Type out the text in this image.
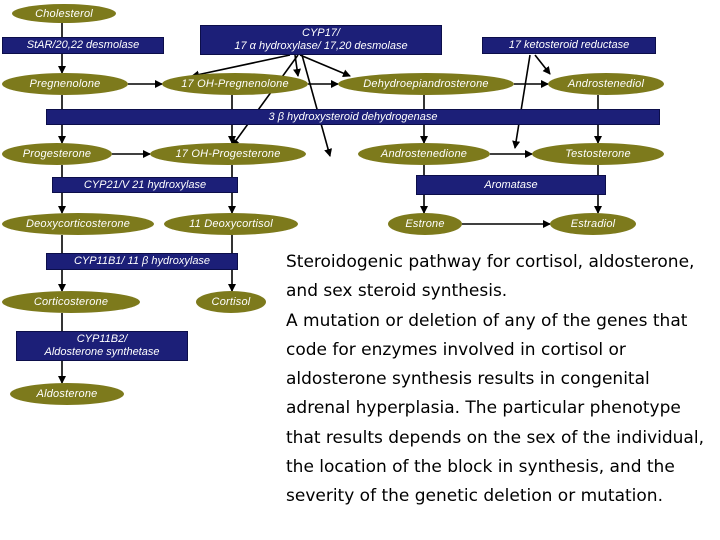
Cholesterol
Pregnenolone	17 OH-Pregnenolone	Dehydroepiandrosterone	Androstenediol
Progesterone	17 OH-Progesterone	Androstenedione	Testosterone
Deoxycorticosterone	11 Deoxycortisol	Estrone	Estradiol
Corticosterone	Cortisol
Aldosterone
StAR/20,22 desmolase
CYP17/
17 α hydroxylase/ 17,20 desmolase	17 ketosteroid reductase
3 β hydroxysteroid dehydrogenase
CYP21/V 21 hydroxylase	Aromatase
CYP11B1/ 11 β hydroxylase
CYP11B2/
Aldosterone synthetase

Steroidogenic pathway for cortisol, aldosterone, and sex steroid synthesis.

A mutation or deletion of any of the genes that code for enzymes involved in cortisol or aldosterone synthesis results in congenital adrenal hyperplasia. The particular phenotype that results depends on the sex of the individual, the location of the block in synthesis, and the severity of the genetic deletion or mutation.
